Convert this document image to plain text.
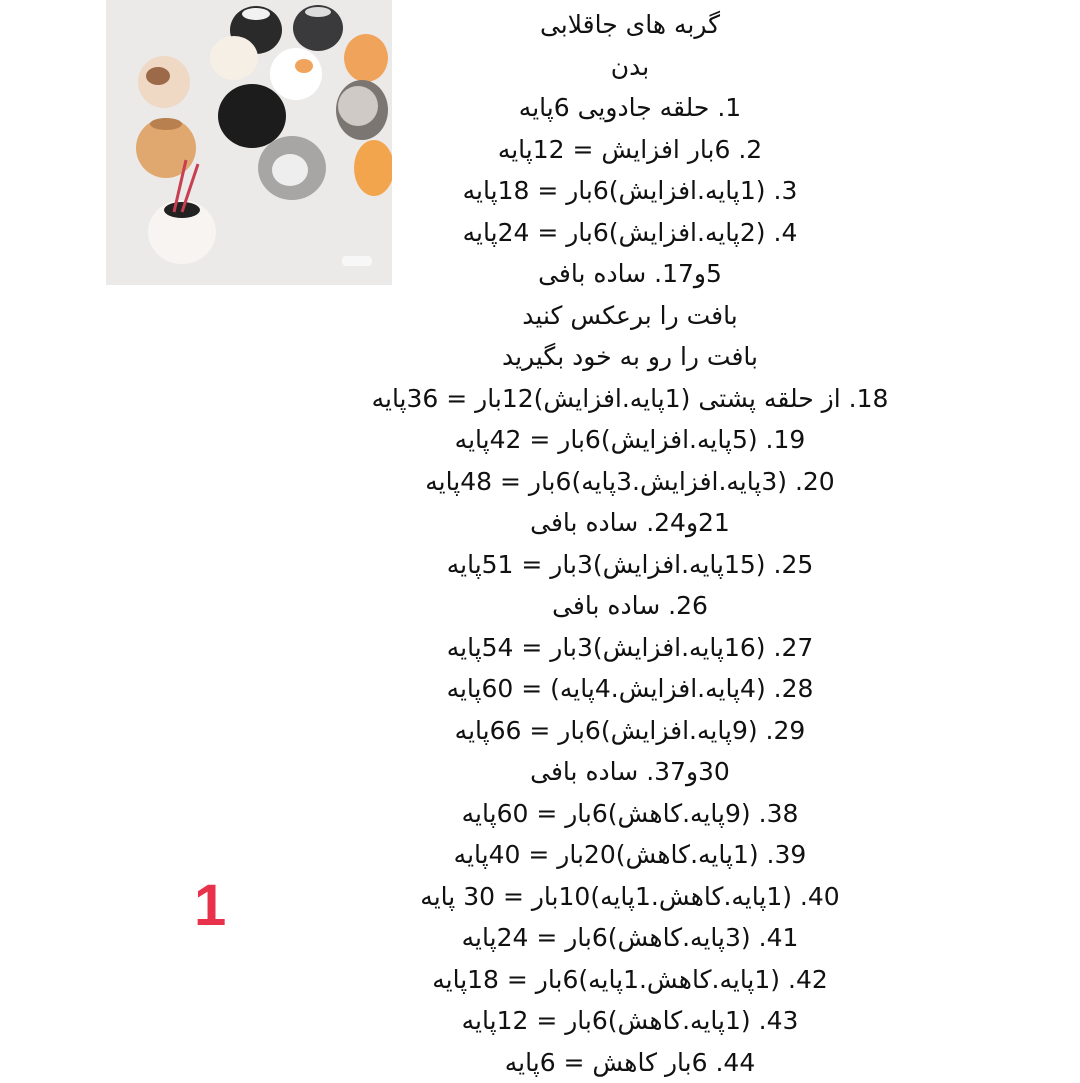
گربه های جاقلابی
بدن
1. حلقه جادویی 6پایه
2. 6بار افزایش = 12پایه
3. (1پایه.افزایش)6بار = 18پایه
4. (2پایه.افزایش)6بار = 24پایه
5و17. ساده بافی
بافت را برعکس کنید
بافت را رو به خود بگیرید
18. از حلقه پشتی (1پایه.افزایش)12بار = 36پایه
19. (5پایه.افزایش)6بار = 42پایه
20. (3پایه.افزایش.3پایه)6بار = 48پایه
21و24. ساده بافی
25. (15پایه.افزایش)3بار = 51پایه
26. ساده بافی
27. (16پایه.افزایش)3بار = 54پایه
28. (4پایه.افزایش.4پایه) = 60پایه
29. (9پایه.افزایش)6بار = 66پایه
30و37. ساده بافی
38. (9پایه.کاهش)6بار = 60پایه
39. (1پایه.کاهش)20بار = 40پایه
40. (1پایه.کاهش.1پایه)10بار = 30 پایه
41. (3پایه.کاهش)6بار = 24پایه
42. (1پایه.کاهش.1پایه)6بار = 18پایه
43. (1پایه.کاهش)6بار = 12پایه
44. 6بار کاهش = 6پایه
1
